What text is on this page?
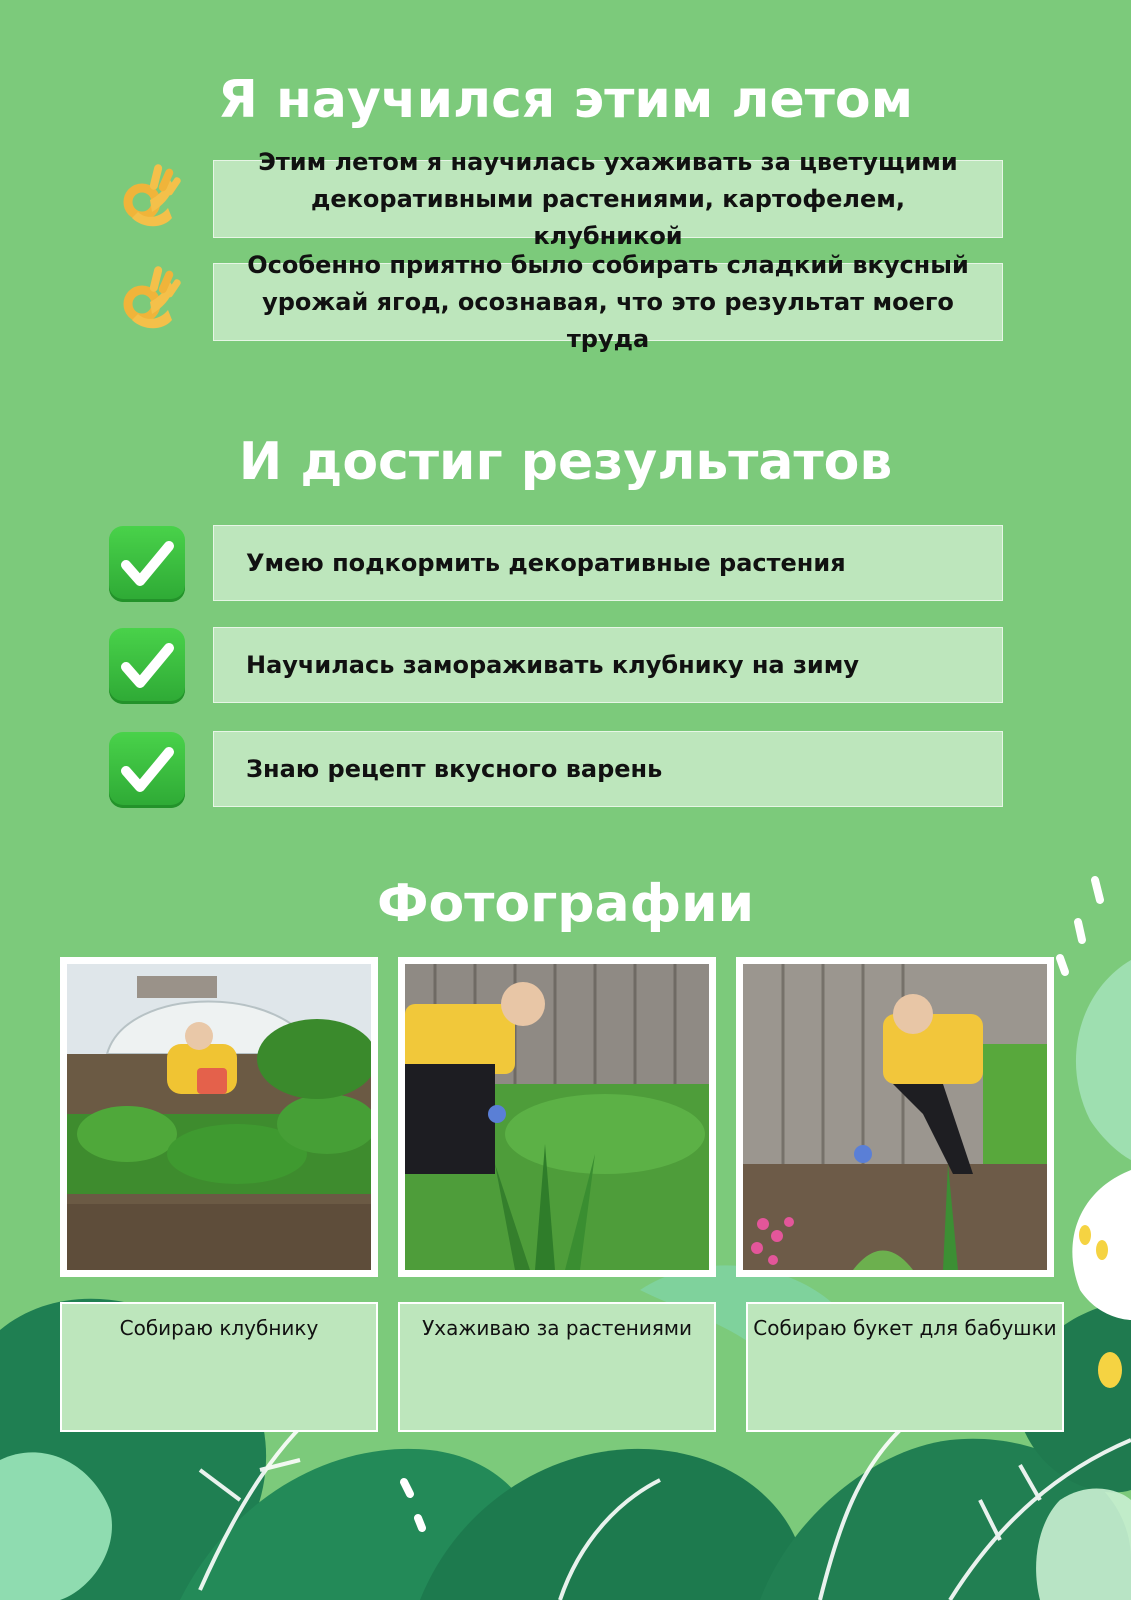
Я научился этим летом
Этим летом я научилась ухаживать за цветущими
декоративными растениями, картофелем, клубникой
Особенно приятно было собирать сладкий вкусный
урожай ягод, осознавая, что это результат моего труда
И достиг результатов
Умею подкормить декоративные растения
Научилась замораживать клубнику на зиму
Знаю рецепт вкусного варень
Фотографии
Собираю клубнику	Ухаживаю за растениями	Собираю букет для бабушки
